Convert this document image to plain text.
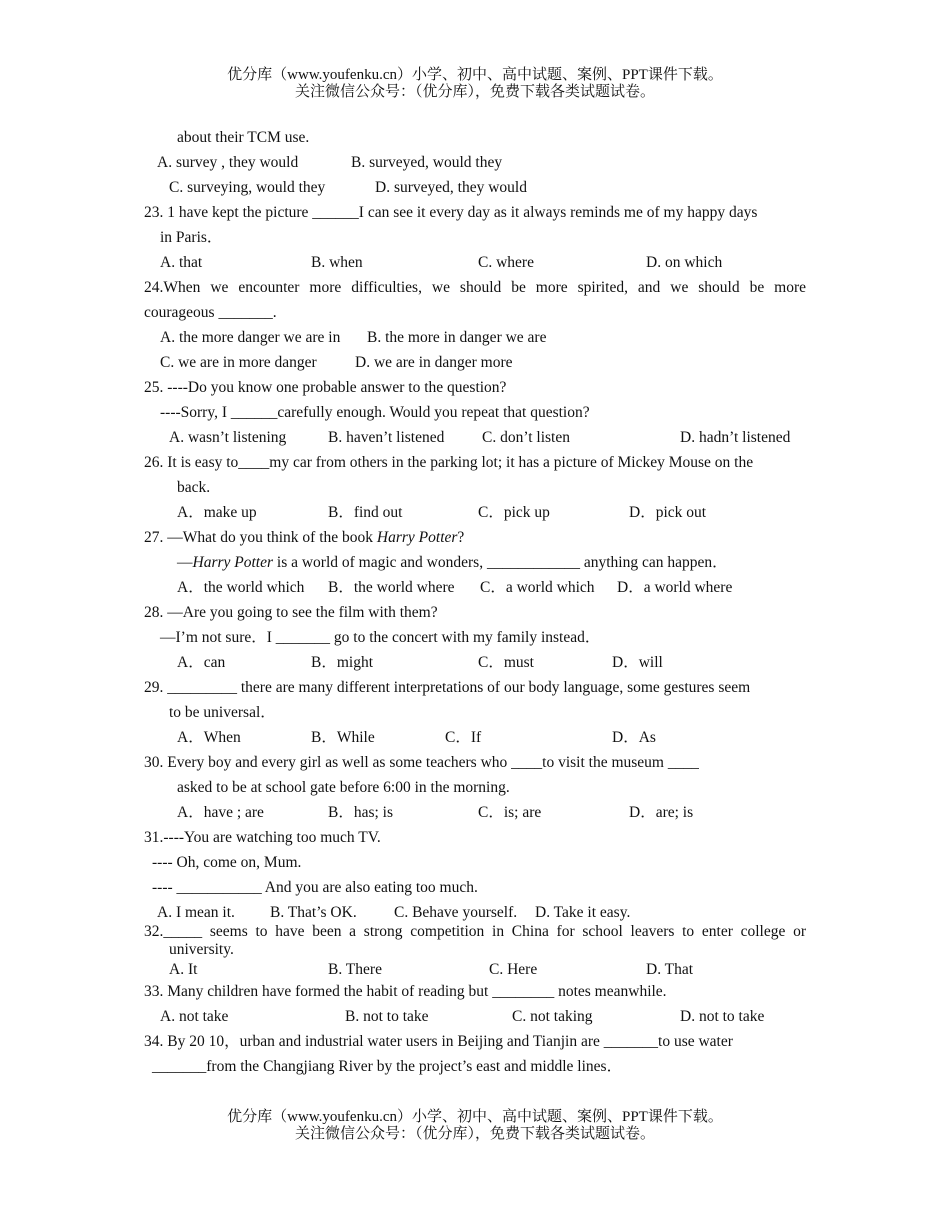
优分库（www.youfenku.cn）小学、初中、高中试题、案例、PPT课件下载。
关注微信公众号：（优分库），免费下载各类试题试卷。
about their TCM use.
A. survey , they would	B. surveyed, would they
C. surveying, would they	D. surveyed, they would
23. 1 have kept the picture ______I can see it every day as it always reminds me of my happy days
in Paris．
A. that	B. when	C. where	D. on which
24.When we encounter more difficulties, we should be more spirited, and we should be more
courageous _______.
A. the more danger we are in B. the more in danger we are
C. we are in more danger D. we are in danger more
25. ----Do you know one probable answer to the question?
----Sorry, I ______carefully enough. Would you repeat that question?
A. wasn’t listening	B. haven’t listened C. don’t listen	D. hadn’t listened
26. It is easy to____my car from others in the parking lot; it has a picture of Mickey Mouse on the
back.
A．make up	B．find out	C．pick up	D．pick out
27. —What do you think of the book Harry Potter?
—Harry Potter is a world of magic and wonders, ____________ anything can happen．
A．the world which B．the world where C．a world which D．a world where
28. —Are you going to see the film with them?
—I’m not sure．I _______ go to the concert with my family instead．
A．can	B．might	C．must	D．will
29. _________ there are many different interpretations of our body language, some gestures seem
to be universal．
A．When	B．While	C．If	D．As
30. Every boy and every girl as well as some teachers who ____to visit the museum ____
asked to be at school gate before 6:00 in the morning.
A．have ; are	B．has; is	C．is; are	D．are; is
31.----You are watching too much TV.
---- Oh, come on, Mum.
---- ___________ And you are also eating too much.
A. I mean it. B. That’s OK. C. Behave yourself. D. Take it easy.
32._____ seems to have been a strong competition in China for school leavers to enter college or
university.
A. It	B. There	C. Here	D. That
33. Many children have formed the habit of reading but ________ notes meanwhile.
A. not take	B. not to take	C. not taking	D. not to take
34. By 20 10，urban and industrial water users in Beijing and Tianjin are _______to use water
_______from the Changjiang River by the project’s east and middle lines．
优分库（www.youfenku.cn）小学、初中、高中试题、案例、PPT课件下载。
关注微信公众号：（优分库），免费下载各类试题试卷。
